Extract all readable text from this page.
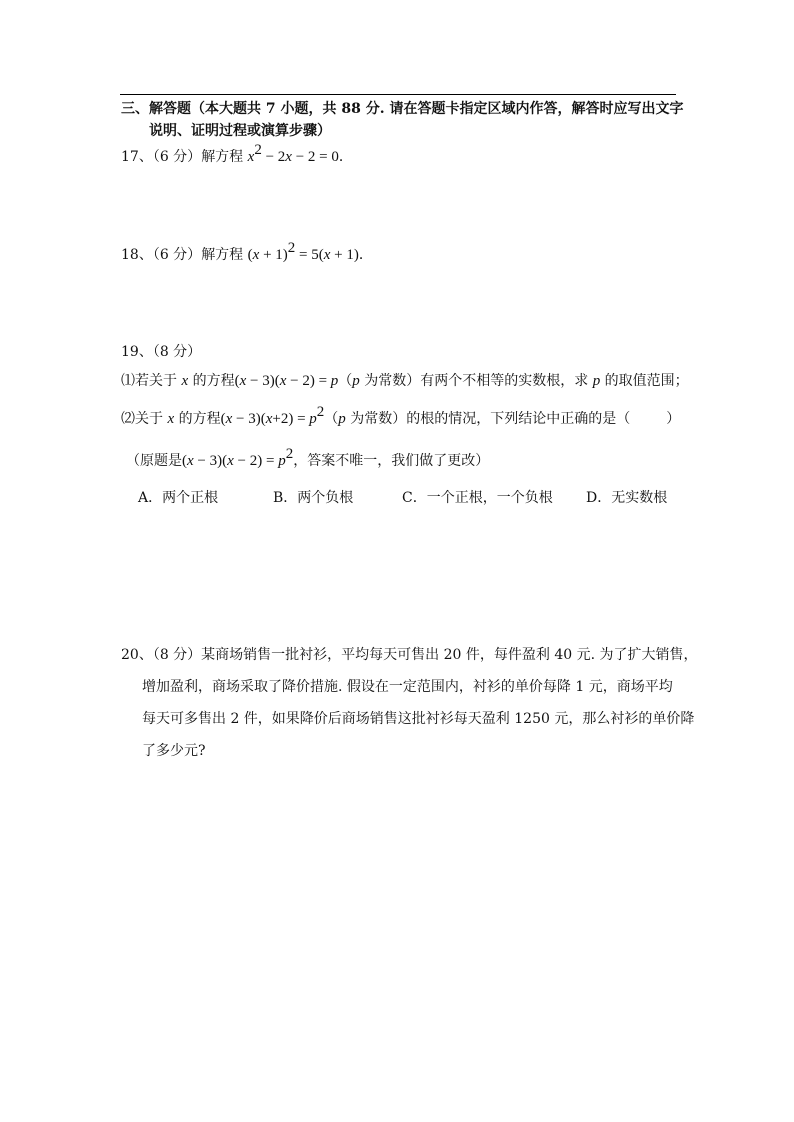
三、解答题（本大题共 7 小题，共 88 分. 请在答题卡指定区域内作答，解答时应写出文字
说明、证明过程或演算步骤）
17、（6 分）解方程 $x^2 - 2x - 2 = 0$．
18、（6 分）解方程 $(x + 1)^2 = 5(x + 1)$．
19、（8 分）
⑴若关于 x 的方程(x − 3)(x − 2) = p（p 为常数）有两个不相等的实数根，求 p 的取值范围；
⑵关于 x 的方程$(x - 3)(x+2) = p^2(p$ 为常数）的根的情况，下列结论中正确的是（	）
（原题是$(x - 3)(x - 2) = p^2$，答案不唯一，我们做了更改）
A．两个正根	B．两个负根	C．一个正根，一个负根 D．无实数根
20、（8 分）某商场销售一批衬衫，平均每天可售出 20 件，每件盈利 40 元. 为了扩大销售，
增加盈利，商场采取了降价措施. 假设在一定范围内，衬衫的单价每降 1 元，商场平均
每天可多售出 2 件，如果降价后商场销售这批衬衫每天盈利 1250 元，那么衬衫的单价降
了多少元?
